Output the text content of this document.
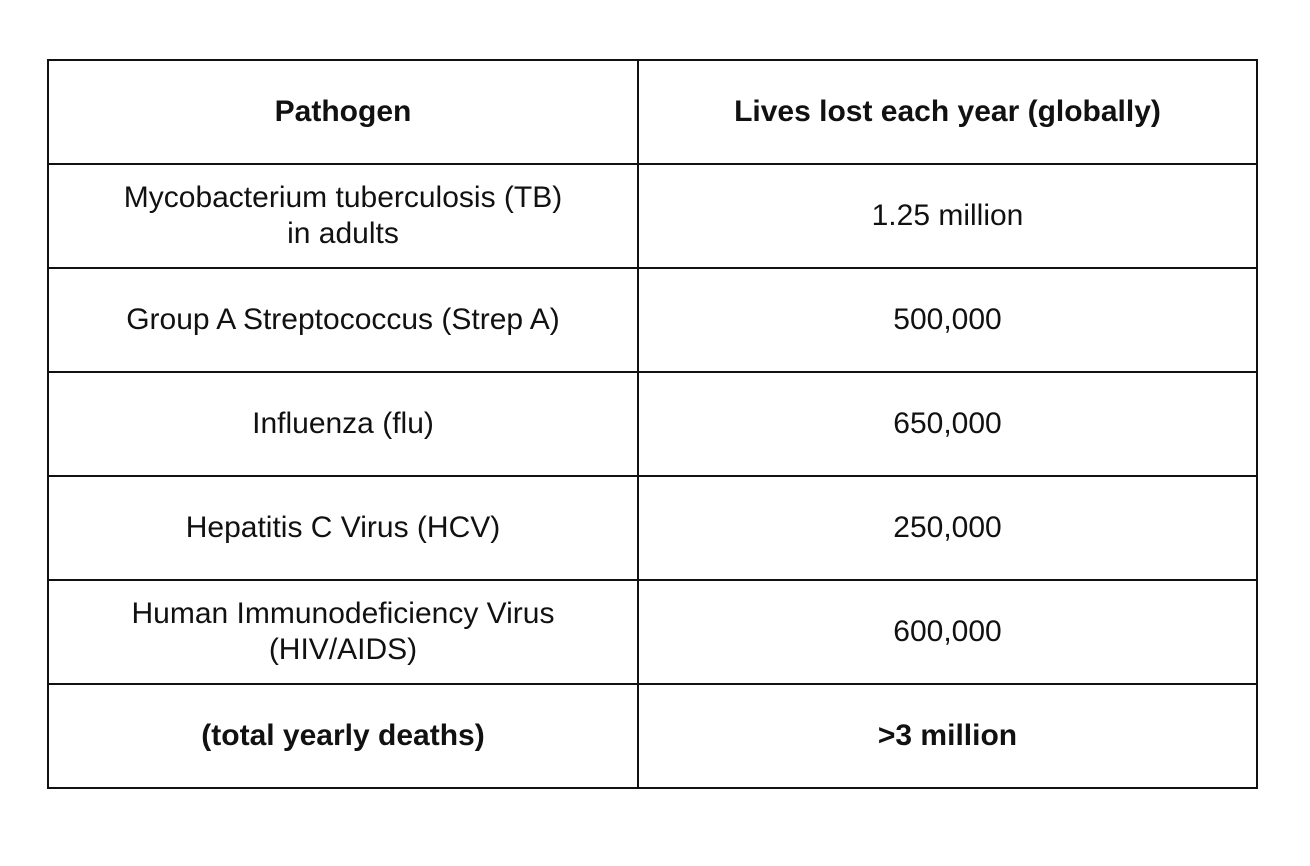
Pathogen	Lives lost each year (globally)

Mycobacterium tuberculosis (TB)
in adults	1.25 million

Group A Streptococcus (Strep A)	500,000

Influenza (flu)	650,000

Hepatitis C Virus (HCV)	250,000

Human Immunodeficiency Virus
(HIV/AIDS)	600,000
(total yearly deaths)	>3 million
